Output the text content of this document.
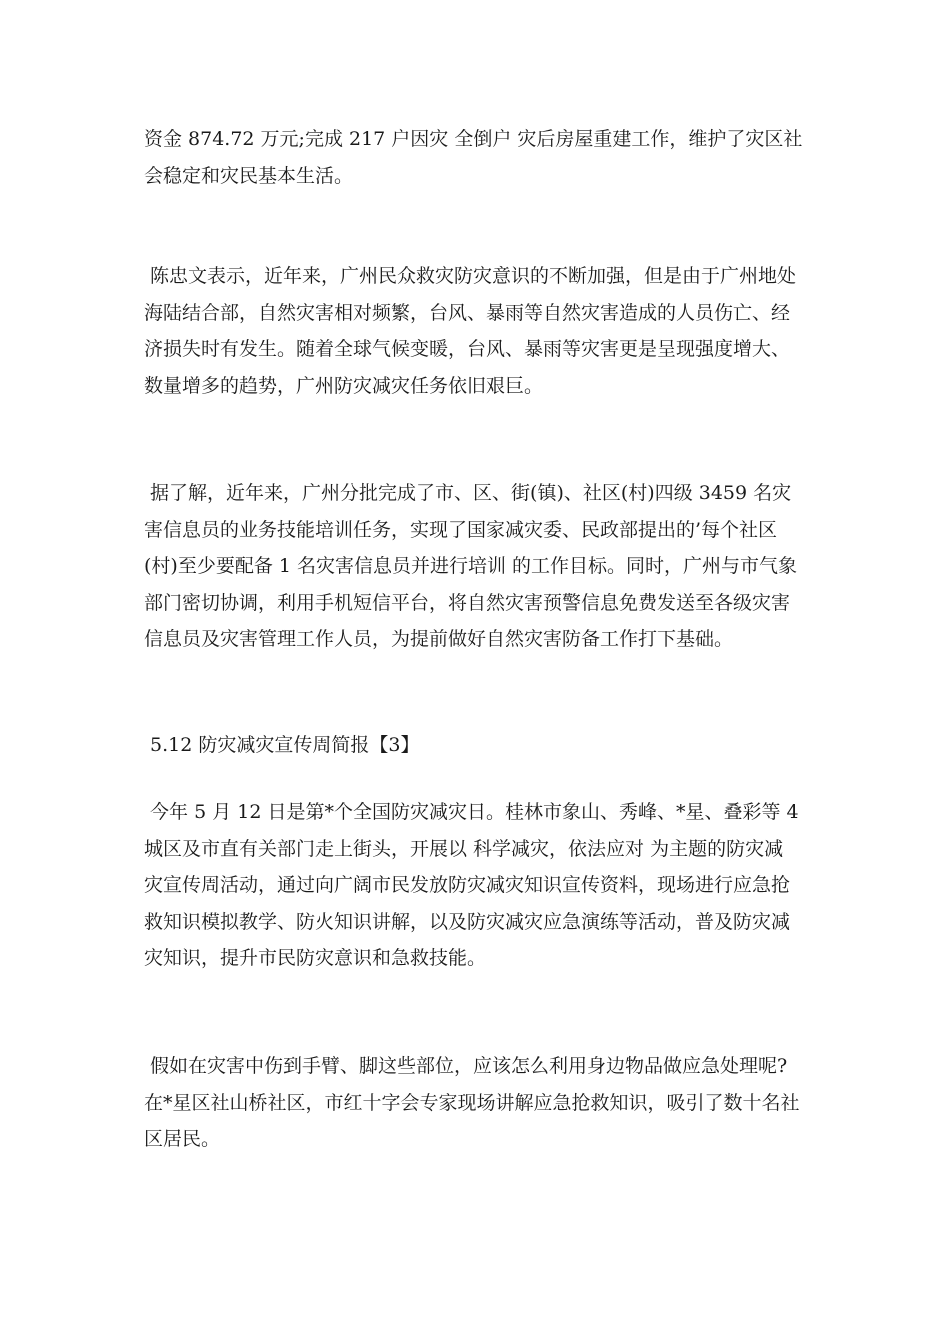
资金 874.72 万元;完成 217 户因灾 全倒户 灾后房屋重建工作，维护了灾区社
会稳定和灾民基本生活。
陈忠文表示，近年来，广州民众救灾防灾意识的不断加强，但是由于广州地处
海陆结合部，自然灾害相对频繁，台风、暴雨等自然灾害造成的人员伤亡、经
济损失时有发生。随着全球气候变暖，台风、暴雨等灾害更是呈现强度增大、
数量增多的趋势，广州防灾减灾任务依旧艰巨。
据了解，近年来，广州分批完成了市、区、街(镇)、社区(村)四级 3459 名灾
害信息员的业务技能培训任务，实现了国家减灾委、民政部提出的’每个社区
(村)至少要配备 1 名灾害信息员并进行培训 的工作目标。同时，广州与市气象
部门密切协调，利用手机短信平台，将自然灾害预警信息免费发送至各级灾害
信息员及灾害管理工作人员，为提前做好自然灾害防备工作打下基础。
5.12 防灾减灾宣传周简报【3】
今年 5 月 12 日是第*个全国防灾减灾日。桂林市象山、秀峰、*星、叠彩等 4
城区及市直有关部门走上街头，开展以 科学减灾，依法应对 为主题的防灾减
灾宣传周活动，通过向广阔市民发放防灾减灾知识宣传资料，现场进行应急抢
救知识模拟教学、防火知识讲解，以及防灾减灾应急演练等活动，普及防灾减
灾知识，提升市民防灾意识和急救技能。
假如在灾害中伤到手臂、脚这些部位，应该怎么利用身边物品做应急处理呢?
在*星区社山桥社区，市红十字会专家现场讲解应急抢救知识，吸引了数十名社
区居民。
